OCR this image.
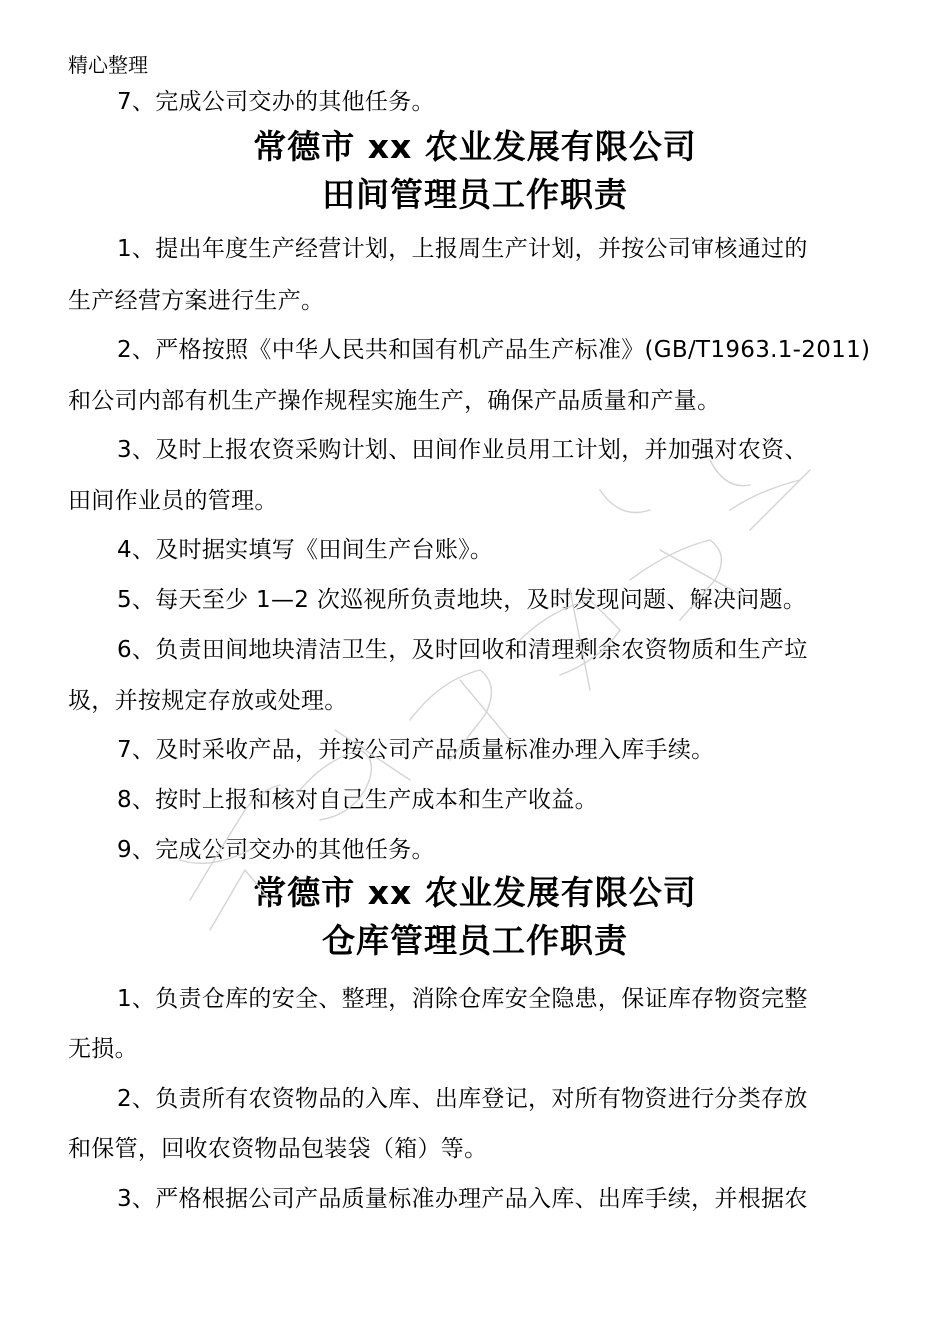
精心整理
7、完成公司交办的其他任务。
常德市 xx 农业发展有限公司
田间管理员工作职责
1、提出年度生产经营计划，上报周生产计划，并按公司审核通过的
生产经营方案进行生产。
2、严格按照《中华人民共和国有机产品生产标准》(GB/T1963.1-2011)
和公司内部有机生产操作规程实施生产，确保产品质量和产量。
3、及时上报农资采购计划、田间作业员用工计划，并加强对农资、
田间作业员的管理。
4、及时据实填写《田间生产台账》。
5、每天至少 1—2 次巡视所负责地块，及时发现问题、解决问题。
6、负责田间地块清洁卫生，及时回收和清理剩余农资物质和生产垃
圾，并按规定存放或处理。
7、及时采收产品，并按公司产品质量标准办理入库手续。
8、按时上报和核对自己生产成本和生产收益。
9、完成公司交办的其他任务。
常德市 xx 农业发展有限公司
仓库管理员工作职责
1、负责仓库的安全、整理，消除仓库安全隐患，保证库存物资完整
无损。
2、负责所有农资物品的入库、出库登记，对所有物资进行分类存放
和保管，回收农资物品包装袋（箱）等。
3、严格根据公司产品质量标准办理产品入库、出库手续，并根据农
